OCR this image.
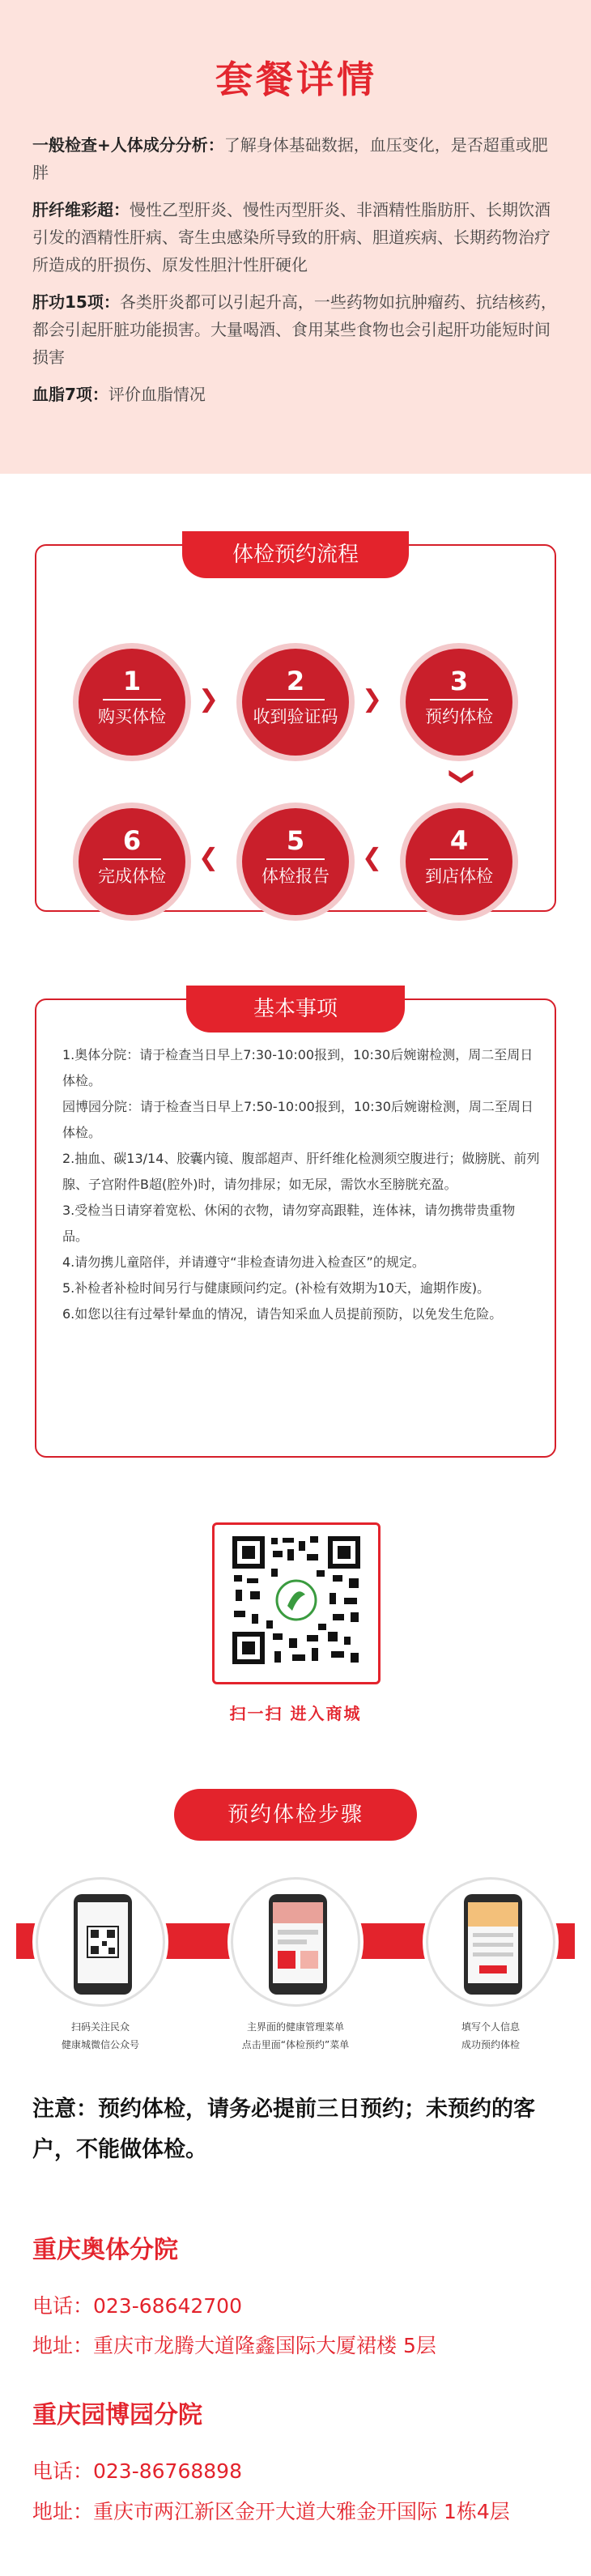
套餐详情
一般检查+人体成分分析：了解身体基础数据，血压变化，是否超重或肥胖
肝纤维彩超：慢性乙型肝炎、慢性丙型肝炎、非酒精性脂肪肝、长期饮酒引发的酒精性肝病、寄生虫感染所导致的肝病、胆道疾病、长期药物治疗所造成的肝损伤、原发性胆汁性肝硬化
肝功15项：各类肝炎都可以引起升高，一些药物如抗肿瘤药、抗结核药，都会引起肝脏功能损害。大量喝酒、食用某些食物也会引起肝功能短时间损害
血脂7项：评价血脂情况
体检预约流程
1
购买体检
❯
2
收到验证码
❯
3
预约体检
❯
6
完成体检
❯
5
体检报告
❯
4
到店体检
基本事项

1.奥体分院：请于检查当日早上7:30-10:00报到，10:30后婉谢检测，周二至周日体检。

园博园分院：请于检查当日早上7:50-10:00报到，10:30后婉谢检测，周二至周日体检。

2.抽血、碳13/14、胶囊内镜、腹部超声、肝纤维化检测须空腹进行；做膀胱、前列腺、子宫附件B超(腔外)时，请勿排尿；如无尿，需饮水至膀胱充盈。

3.受检当日请穿着宽松、休闲的衣物，请勿穿高跟鞋，连体袜，请勿携带贵重物品。

4.请勿携儿童陪伴，并请遵守“非检查请勿进入检查区”的规定。

5.补检者补检时间另行与健康顾问约定。(补检有效期为10天，逾期作废)。

6.如您以往有过晕针晕血的情况，请告知采血人员提前预防，以免发生危险。

扫一扫 进入商城
预约体检步骤
扫码关注民众
健康城微信公众号
主界面的健康管理菜单
点击里面“体检预约”菜单
填写个人信息
成功预约体检
注意：预约体检，请务必提前三日预约；未预约的客户，不能做体检。
重庆奥体分院
电话：023-68642700
地址：重庆市龙腾大道隆鑫国际大厦裙楼 5层
重庆园博园分院
电话：023-86768898
地址：重庆市两江新区金开大道大雅金开国际 1栋4层
